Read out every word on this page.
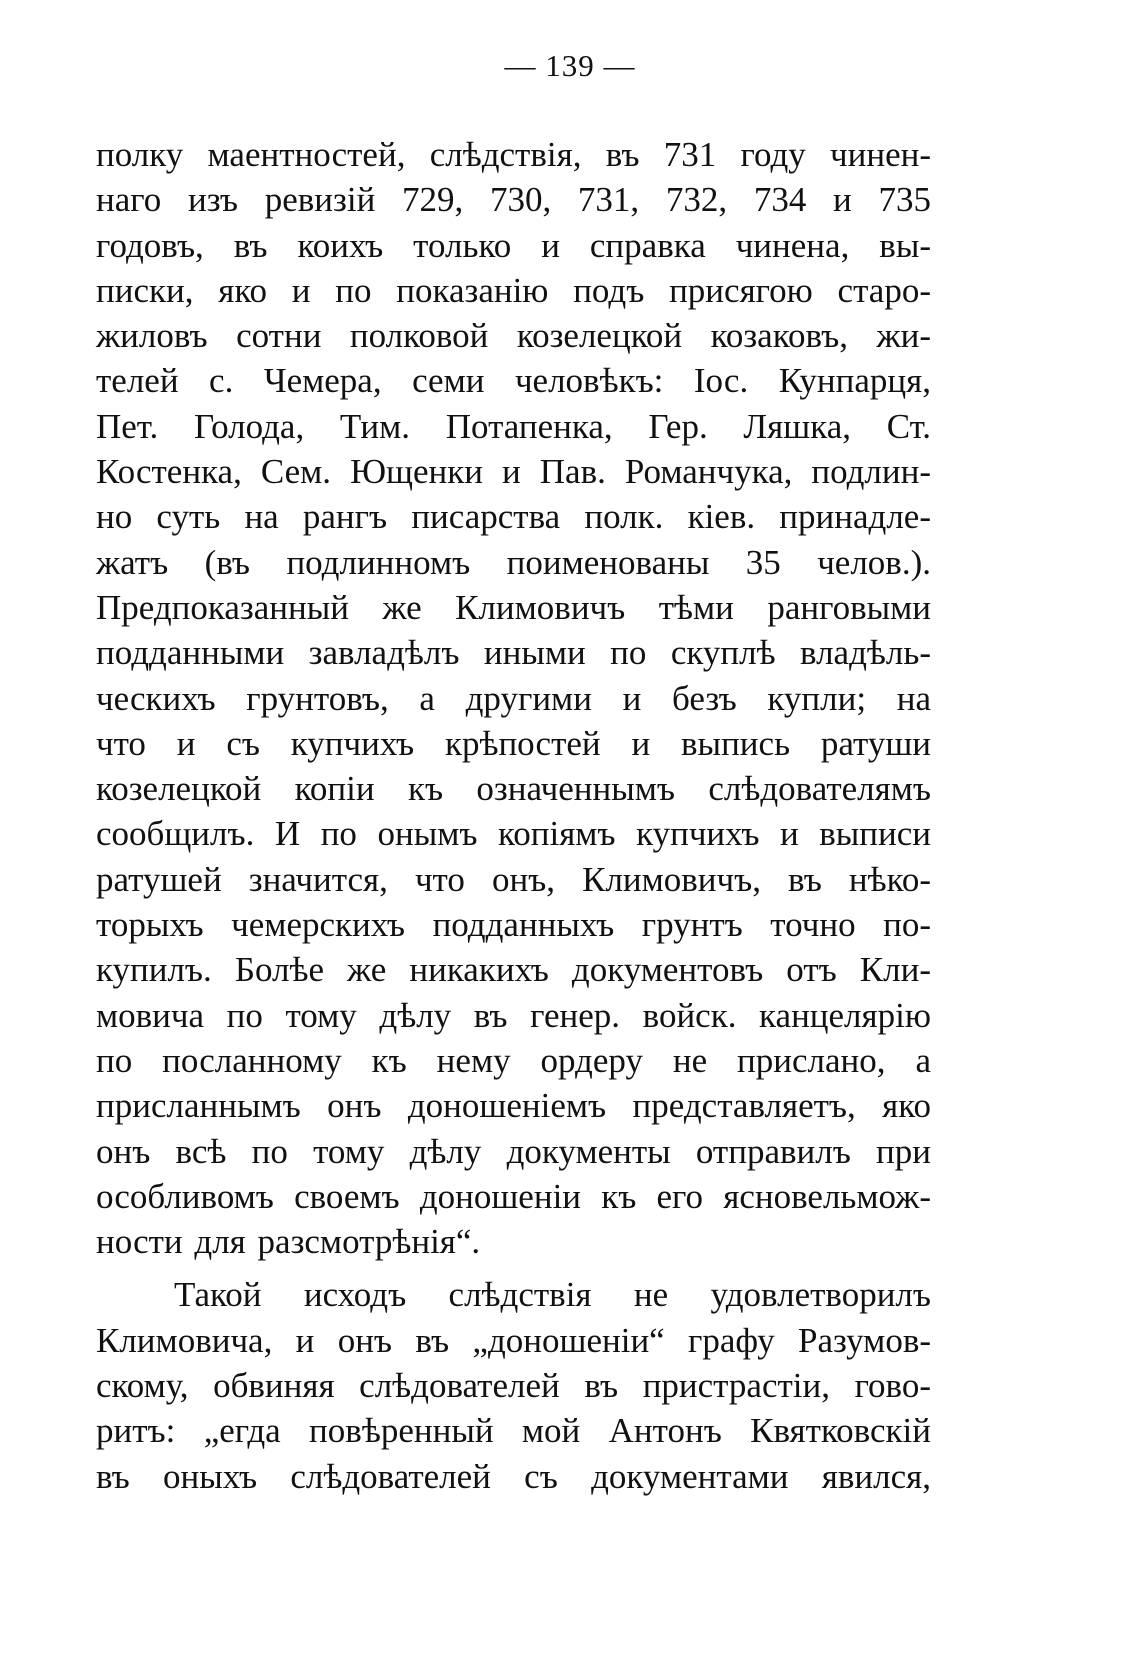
— 139 —
полку маентностей, слѣдствія, въ 731 году чинен-
наго изъ ревизій 729, 730, 731, 732, 734 и 735
годовъ, въ коихъ только и справка чинена, вы-
писки, яко и по показанію подъ присягою старо-
жиловъ сотни полковой козелецкой козаковъ, жи-
телей с. Чемера, семи человѣкъ: Іос. Кунпарця,
Пет. Голода, Тим. Потапенка, Гер. Ляшка, Ст.
Костенка, Сем. Ющенки и Пав. Романчука, подлин-
но суть на рангъ писарства полк. кіев. принадле-
жатъ (въ подлинномъ поименованы 35 челов.).
Предпоказанный же Климовичъ тѣми ранговыми
подданными завладѣлъ иными по скуплѣ владѣль-
ческихъ грунтовъ, а другими и безъ купли; на
что и съ купчихъ крѣпостей и выпись ратуши
козелецкой копіи къ означеннымъ слѣдователямъ
сообщилъ. И по онымъ копіямъ купчихъ и выписи
ратушей значится, что онъ, Климовичъ, въ нѣко-
торыхъ чемерскихъ подданныхъ грунтъ точно по-
купилъ. Болѣе же никакихъ документовъ отъ Кли-
мовича по тому дѣлу въ генер. войск. канцелярію
по посланному къ нему ордеру не прислано, а
присланнымъ онъ доношеніемъ представляетъ, яко
онъ всѣ по тому дѣлу документы отправилъ при
особливомъ своемъ доношеніи къ его ясновельмож-
ности для разсмотрѣнія“.
Такой исходъ слѣдствія не удовлетворилъ
Климовича, и онъ въ „доношеніи“ графу Разумов-
скому, обвиняя слѣдователей въ пристрастіи, гово-
ритъ: „егда повѣренный мой Антонъ Квятковскій
въ оныхъ слѣдователей съ документами явился,
